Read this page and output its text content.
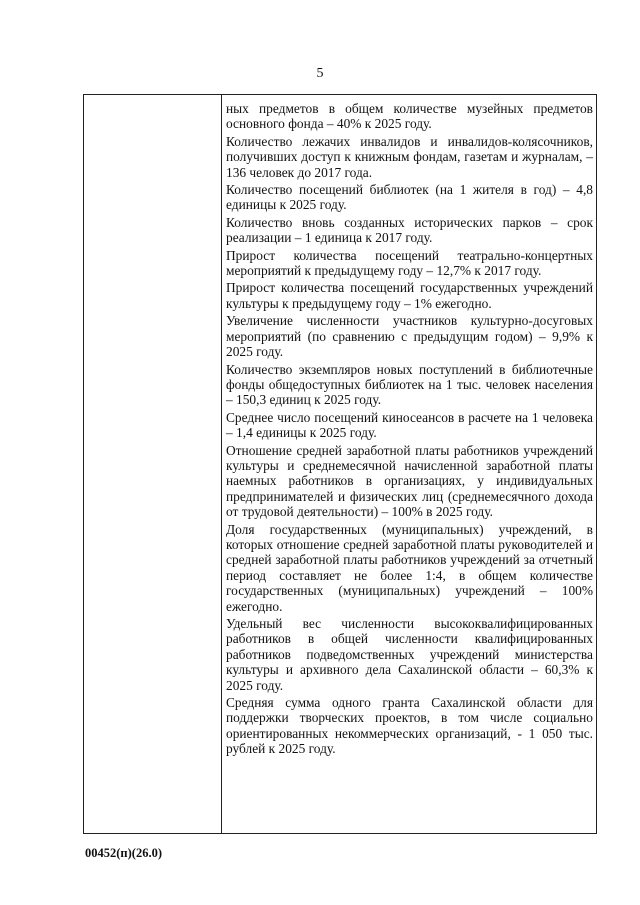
5

ных предметов в общем количестве музейных предметов основного фонда – 40% к 2025 году.

Количество лежачих инвалидов и инвалидов-колясочников, получивших доступ к книжным фондам, газетам и журналам, –136 человек до 2017 года.

Количество посещений библиотек (на 1 жителя в год) – 4,8 единицы к 2025 году.

Количество вновь созданных исторических парков – срок реализации – 1 единица к 2017 году.

Прирост количества посещений театрально-концертных мероприятий к предыдущему году – 12,7% к 2017 году.

Прирост количества посещений государственных учреждений культуры к предыдущему году – 1% ежегодно.

Увеличение численности участников культурно-досуговых мероприятий (по сравнению с предыдущим годом) – 9,9% к 2025 году.

Количество экземпляров новых поступлений в библиотечные фонды общедоступных библиотек на 1 тыс. человек населения – 150,3 единиц к 2025 году.

Среднее число посещений киносеансов в расчете на 1 человека – 1,4 единицы к 2025 году.

Отношение средней заработной платы работников учреждений культуры и среднемесячной начисленной заработной платы наемных работников в организациях, у индивидуальных предпринимателей и физических лиц (среднемесячного дохода от трудовой деятельности) – 100% в 2025 году.

Доля государственных (муниципальных) учреждений, в которых отношение средней заработной платы руководителей и средней заработной платы работников учреждений за отчетный период составляет не более 1:4, в общем количестве государственных (муниципальных) учреждений – 100% ежегодно.

Удельный вес численности высококвалифицированных работников в общей численности квалифицированных работников подведомственных учреждений министерства культуры и архивного дела Сахалинской области – 60,3% к 2025 году.

Средняя сумма одного гранта Сахалинской области для поддержки творческих проектов, в том числе социально ориентированных некоммерческих организаций, - 1 050 тыс. рублей к 2025 году.

00452(п)(26.0)
